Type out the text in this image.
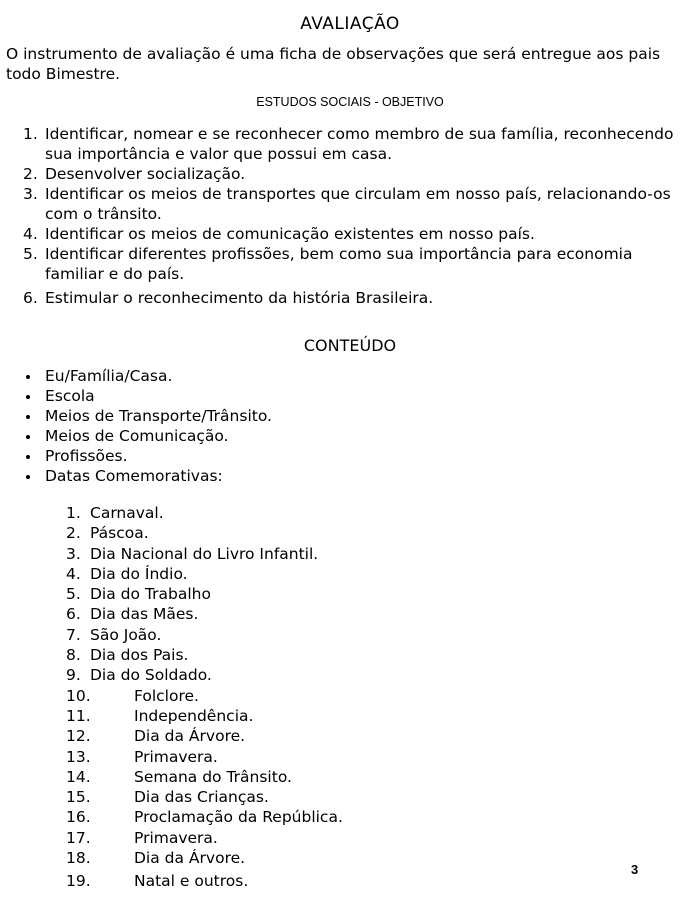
AVALIAÇÃO
O instrumento de avaliação é uma ficha de observações que será entregue aos pais todo Bimestre.
ESTUDOS SOCIAIS - OBJETIVO
1. Identificar, nomear e se reconhecer como membro de sua família, reconhecendo sua importância e valor que possui em casa.
2. Desenvolver socialização.
3. Identificar os meios de transportes que circulam em nosso país, relacionando-os com o trânsito.
4. Identificar os meios de comunicação existentes em nosso país.
5. Identificar diferentes profissões, bem como sua importância para economia familiar e do país.
6. Estimular o reconhecimento da história Brasileira.
CONTEÚDO
Eu/Família/Casa.
Escola
Meios de Transporte/Trânsito.
Meios de Comunicação.
Profissões.
Datas Comemorativas:
1. Carnaval.
2. Páscoa.
3. Dia Nacional do Livro Infantil.
4. Dia do Índio.
5. Dia do Trabalho
6. Dia das Mães.
7. São João.
8. Dia dos Pais.
9. Dia do Soldado.
10.	Folclore.
11.	Independência.
12.	Dia da Árvore.
13.	Primavera.
14.	Semana do Trânsito.
15.	Dia das Crianças.
16.	Proclamação da República.
17.	Primavera.
18.	Dia da Árvore.
19.	Natal e outros.
3
